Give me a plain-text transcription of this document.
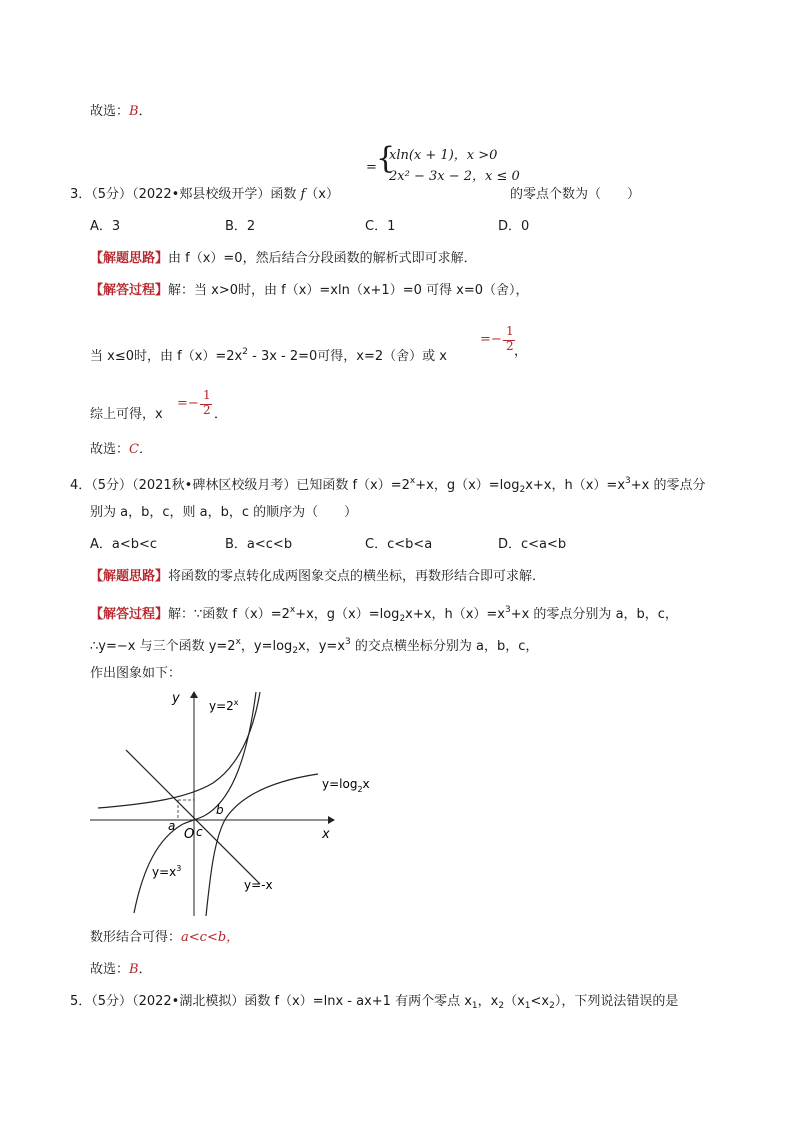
故选：B．
= {
xln(x + 1)，x >0
2x² − 3x − 2，x ≤ 0
3．（5分）（2022•郏县校级开学）函数 f（x）	的零点个数为（　　）
A．3	B．2	C．1	D．0
【解题思路】由 f（x）=0，然后结合分段函数的解析式即可求解．
【解答过程】解：当 x>0时，由 f（x）=xln（x+1）=0 可得 x=0（舍），
当 x≤0时，由 $f(x)=2x^2 - 3x - 2=0$可得，x=2（舍）或 x
=−
1
2 ，
综上可得，x
=−
1
2 ．
故选：C．
4．（5分）（2021秋•碑林区校级月考）已知函数 $f(x)=2^x+x$，$g(x)=\log_2x+x$，$h(x)=x^3+x$ 的零点分
别为 a，b，c，则 a，b，c 的顺序为（　　）
A．a<b<c	B．a<c<b	C．c<b<a	D．c<a<b
【解题思路】将函数的零点转化成两图象交点的横坐标，再数形结合即可求解．
【解答过程】解：∵函数 $f(x)=2^x+x$，$g(x)=\log_2x+x$，$h(x)=x^3+x$ 的零点分别为 a，b，c，
∴y=−x 与三个函数 $y=2^x$，$y=\log_2x$，$y=x^3$ 的交点横坐标分别为 a，b，c，
作出图象如下：
y
x
O
a
b
c
$y=2^x$
$y=\log_2x$
$y=x^3$
y=-x
数形结合可得：a<c<b，
故选：B．
5．（5分）（2022•湖北模拟）函数 f（x）=lnx - ax+1 有两个零点 $x_1$，$x_2(x_1<x_2)$，下列说法错误的是
